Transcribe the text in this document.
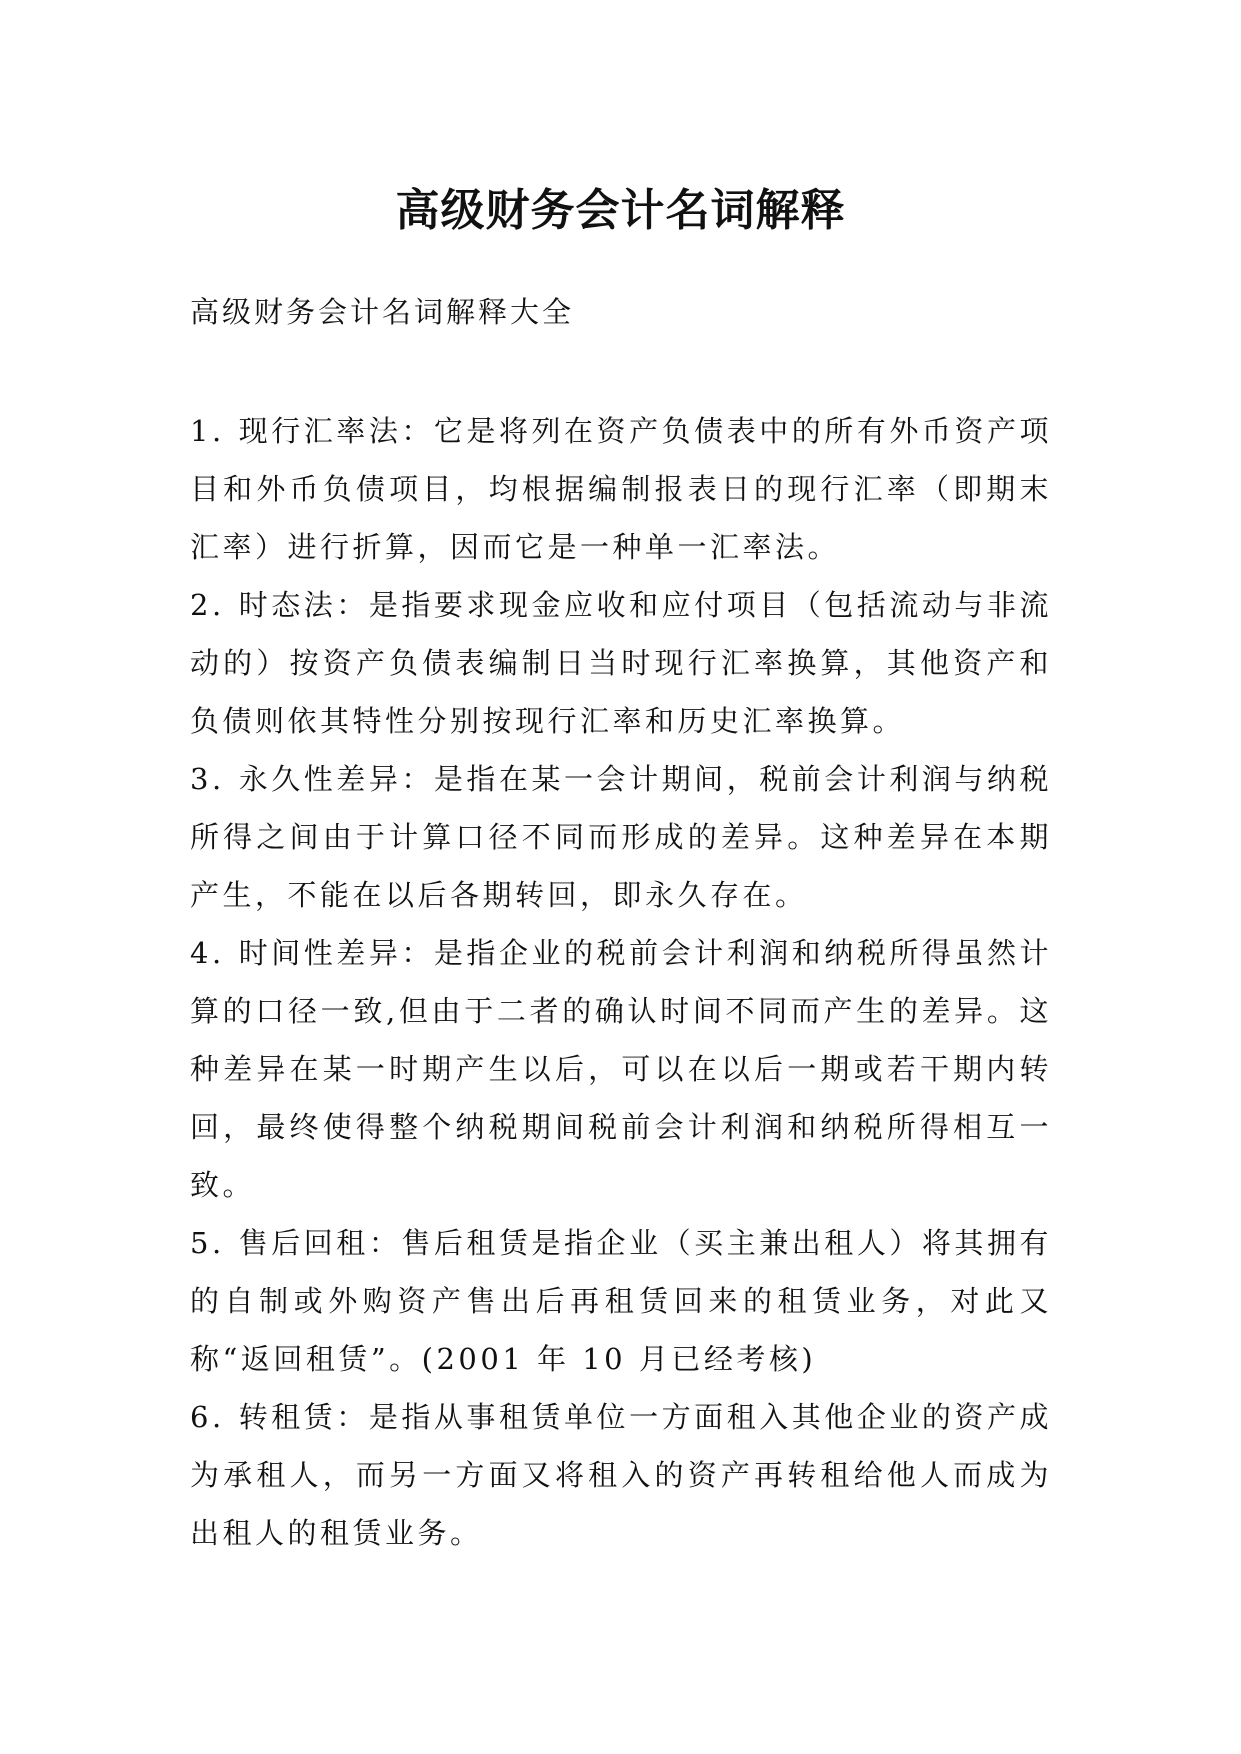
高级财务会计名词解释
高级财务会计名词解释大全

1. 现行汇率法：它是将列在资产负债表中的所有外币资产项目和外币负债项目，均根据编制报表日的现行汇率（即期末汇率）进行折算，因而它是一种单一汇率法。

2. 时态法：是指要求现金应收和应付项目（包括流动与非流动的）按资产负债表编制日当时现行汇率换算，其他资产和负债则依其特性分别按现行汇率和历史汇率换算。

3. 永久性差异：是指在某一会计期间，税前会计利润与纳税所得之间由于计算口径不同而形成的差异。这种差异在本期产生，不能在以后各期转回，即永久存在。

4. 时间性差异：是指企业的税前会计利润和纳税所得虽然计算的口径一致,但由于二者的确认时间不同而产生的差异。这种差异在某一时期产生以后，可以在以后一期或若干期内转回，最终使得整个纳税期间税前会计利润和纳税所得相互一致。

5. 售后回租：售后租赁是指企业（买主兼出租人）将其拥有的自制或外购资产售出后再租赁回来的租赁业务，对此又称“返回租赁”。(2001 年 10 月已经考核)

6. 转租赁：是指从事租赁单位一方面租入其他企业的资产成为承租人，而另一方面又将租入的资产再转租给他人而成为出租人的租赁业务。
